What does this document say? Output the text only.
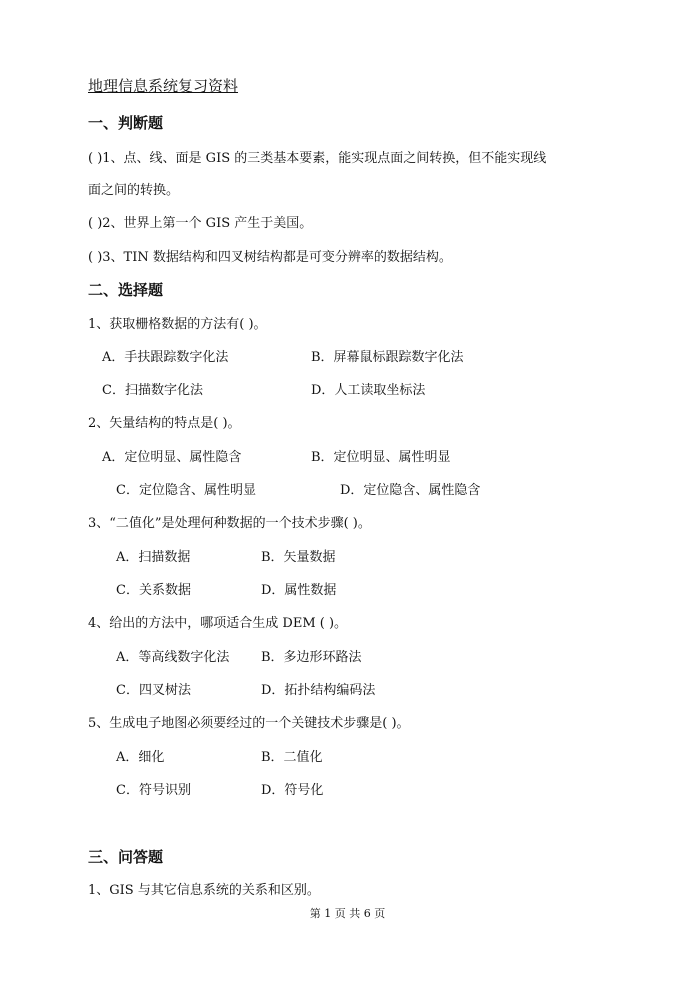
地理信息系统复习资料
一、判断题
( )1、点、线、面是 GIS 的三类基本要素，能实现点面之间转换，但不能实现线
面之间的转换。
( )2、世界上第一个 GIS 产生于美国。
( )3、TIN 数据结构和四叉树结构都是可变分辨率的数据结构。
二、选择题
1、获取栅格数据的方法有( )。
A．手扶跟踪数字化法	B．屏幕鼠标跟踪数字化法
C．扫描数字化法	D．人工读取坐标法
2、矢量结构的特点是( )。
A．定位明显、属性隐含	B．定位明显、属性明显
C．定位隐含、属性明显	D．定位隐含、属性隐含
3、“二值化”是处理何种数据的一个技术步骤( )。
A．扫描数据	B．矢量数据
C．关系数据	D．属性数据
4、给出的方法中，哪项适合生成 DEM ( )。
A．等高线数字化法 B．多边形环路法
C．四叉树法	D．拓扑结构编码法
5、生成电子地图必须要经过的一个关键技术步骤是( )。
A．细化	B．二值化
C．符号识别	D．符号化
三、问答题
1、GIS 与其它信息系统的关系和区别。
第 1 页 共 6 页
